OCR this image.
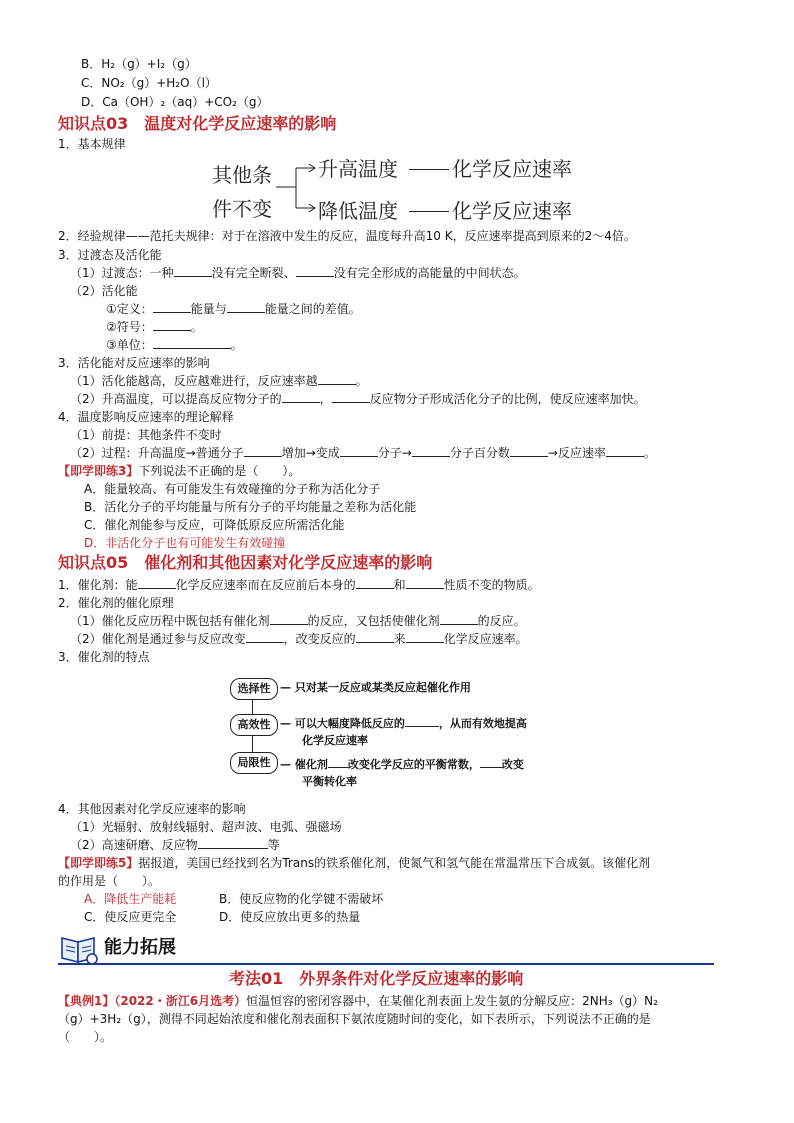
B．H₂（g）+I₂（g）
C．NO₂（g）+H₂O（l）
D．Ca（OH）₂（aq）+CO₂（g）
知识点03　温度对化学反应速率的影响
1．基本规律
其他条
件不变
升高温度
降低温度
化学反应速率
化学反应速率
2．经验规律——范托夫规律：对于在溶液中发生的反应，温度每升高10 K，反应速率提高到原来的2～4倍。
3．过渡态及活化能
（1）过渡态：一种	没有完全断裂、	没有完全形成的高能量的中间状态。
（2）活化能
①定义：	能量与	能量之间的差值。
②符号：	。
③单位：	。
3．活化能对反应速率的影响
（1）活化能越高，反应越难进行，反应速率越	。
（2）升高温度，可以提高反应物分子的	，	反应物分子形成活化分子的比例，使反应速率加快。
4．温度影响反应速率的理论解释
（1）前提：其他条件不变时
（2）过程：升高温度→普通分子	增加→变成	分子→	分子百分数	→反应速率	。
【即学即练3】下列说法不正确的是（　　）。
A．能量较高、有可能发生有效碰撞的分子称为活化分子
B．活化分子的平均能量与所有分子的平均能量之差称为活化能
C．催化剂能参与反应，可降低原反应所需活化能
D．非活化分子也有可能发生有效碰撞
知识点05　催化剂和其他因素对化学反应速率的影响
1．催化剂：能	化学反应速率而在反应前后本身的	和	性质不变的物质。
2．催化剂的催化原理
（1）催化反应历程中既包括有催化剂	的反应，又包括使催化剂	的反应。
（2）催化剂是通过参与反应改变	，改变反应的	来	化学反应速率。
3．催化剂的特点
选择性
高效性
局限性
— 只对某一反应或某类反应起催化作用
— 可以大幅度降低反应的	，从而有效地提高
化学反应速率
— 催化剂 改变化学反应的平衡常数， 改变
平衡转化率
4．其他因素对化学反应速率的影响
（1）光辐射、放射线辐射、超声波、电弧、强磁场
（2）高速研磨、反应物	等
【即学即练5】据报道，美国已经找到名为Trans的铁系催化剂，使氮气和氢气能在常温常压下合成氨。该催化剂
的作用是（　　）。
A．降低生产能耗	B．使反应物的化学键不需破坏
C．使反应更完全	D．使反应放出更多的热量
能力拓展
考法01　外界条件对化学反应速率的影响
【典例1】（2022・浙江6月选考）恒温恒容的密闭容器中，在某催化剂表面上发生氨的分解反应：2NH₃（g）N₂
（g）+3H₂（g），测得不同起始浓度和催化剂表面积下氨浓度随时间的变化，如下表所示，下列说法不正确的是
（　　）。
